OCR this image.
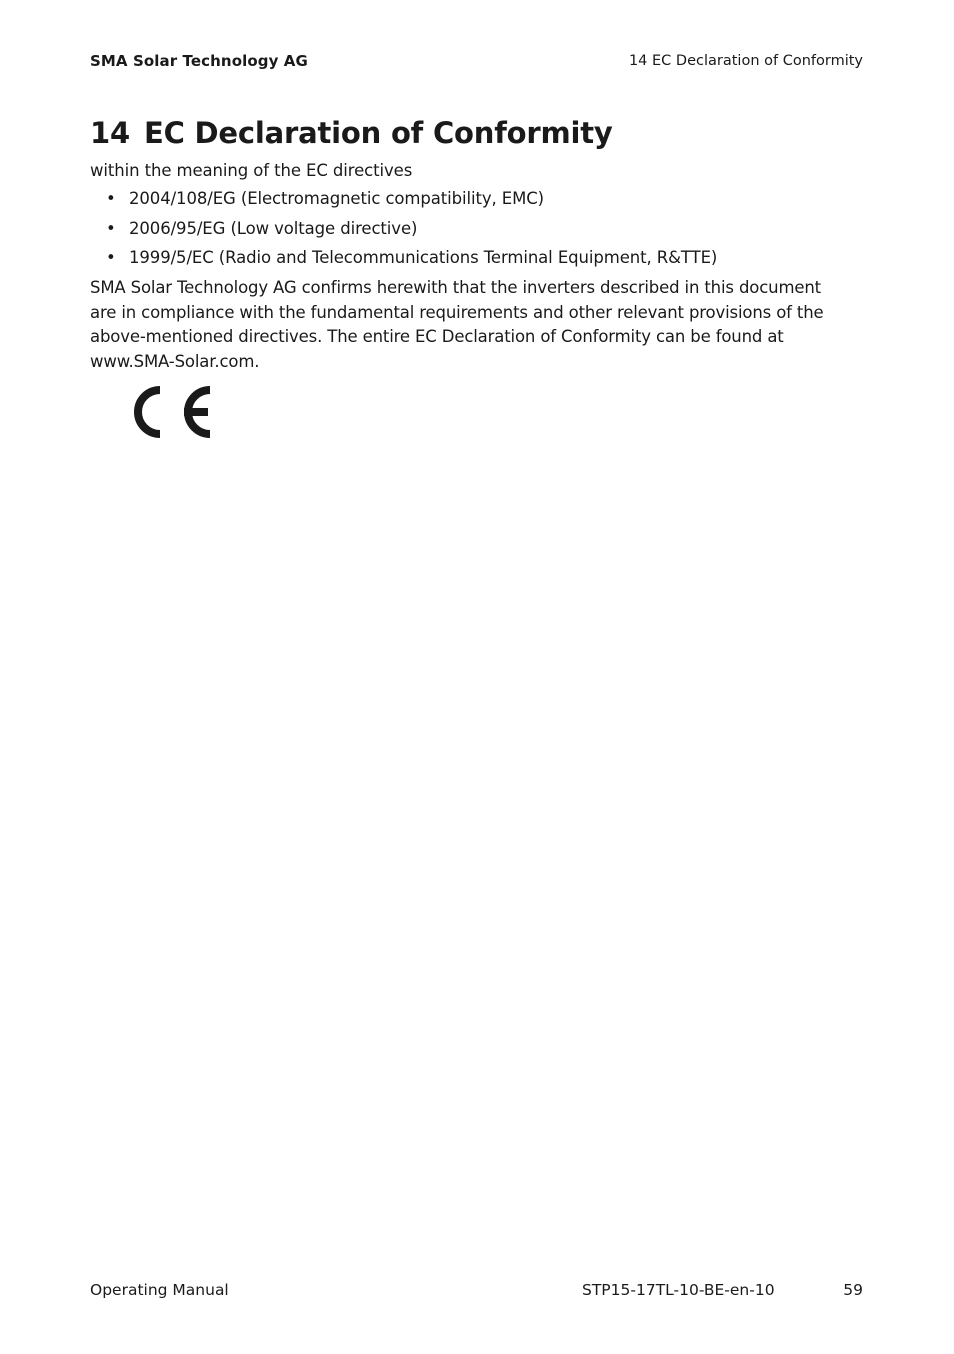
SMA Solar Technology AG	14 EC Declaration of Conformity
14 EC Declaration of Conformity
within the meaning of the EC directives
• 2004/108/EG (Electromagnetic compatibility, EMC)
• 2006/95/EG (Low voltage directive)
• 1999/5/EC (Radio and Telecommunications Terminal Equipment, R&TTE)

SMA Solar Technology AG confirms herewith that the inverters described in this document are in compliance with the fundamental requirements and other relevant provisions of the above-mentioned directives. The entire EC Declaration of Conformity can be found at www.SMA-Solar.com.

Operating Manual	STP15-17TL-10-BE-en-10	59
